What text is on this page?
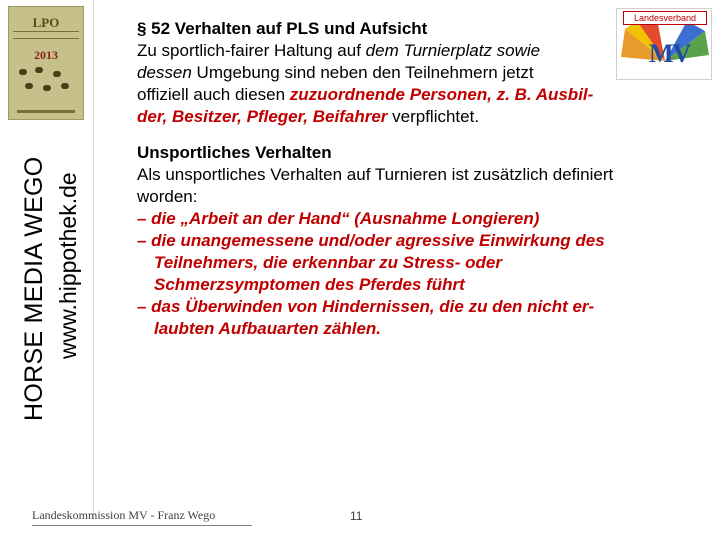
LPO
2013
HORSE MEDIA WEGO www.hippothek.de
Landesverband
MV

§ 52 Verhalten auf PLS und Aufsicht

Zu sportlich-fairer Haltung auf dem Turnierplatz sowie

dessen Umgebung sind neben den Teilnehmern jetzt

offiziell auch diesen zuzuordnende Personen, z. B. Ausbil-

der, Besitzer, Pfleger, Beifahrer verpflichtet.

Unsportliches Verhalten

Als unsportliches Verhalten auf Turnieren ist zusätzlich definiert

worden:

– die „Arbeit an der Hand“ (Ausnahme Longieren)

– die unangemessene und/oder agressive Einwirkung des

Teilnehmers, die erkennbar zu Stress- oder

Schmerzsymptomen des Pferdes führt

– das Überwinden von Hindernissen, die zu den nicht er-

laubten Aufbauarten zählen.

Landeskommission MV - Franz Wego	11
